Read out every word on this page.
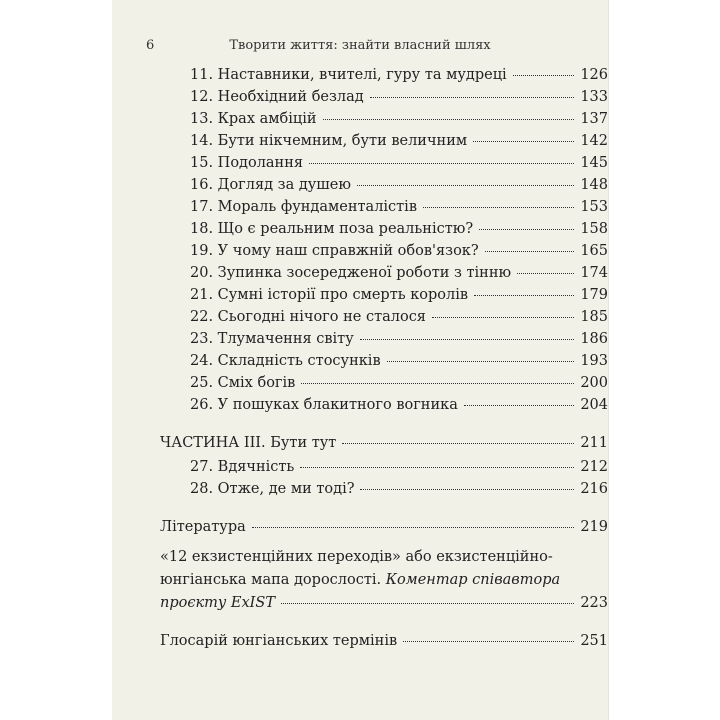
6	Творити життя: знайти власний шлях
11. Наставники, вчителі, гуру та мудреці	126
12. Необхідний безлад	133
13. Крах амбіцій	137
14. Бути нікчемним, бути величним	142
15. Подолання	145
16. Догляд за душею	148
17. Мораль фундаменталістів	153
18. Що є реальним поза реальністю?	158
19. У чому наш справжній обов'язок?	165
20. Зупинка зосередженої роботи з тінню	174
21. Сумні історії про смерть королів	179
22. Сьогодні нічого не сталося	185
23. Тлумачення світу	186
24. Складність стосунків	193
25. Сміх богів	200
26. У пошуках блакитного вогника	204
ЧАСТИНА ІІІ. Бути тут	211
27. Вдячність	212
28. Отже, де ми тоді?	216
Література	219
«12 екзистенційних переходів» або екзистенційно-
юнгіанська мапа дорослості. Коментар співавтора
проєкту ExIST	223
Глосарій юнгіанських термінів	251
